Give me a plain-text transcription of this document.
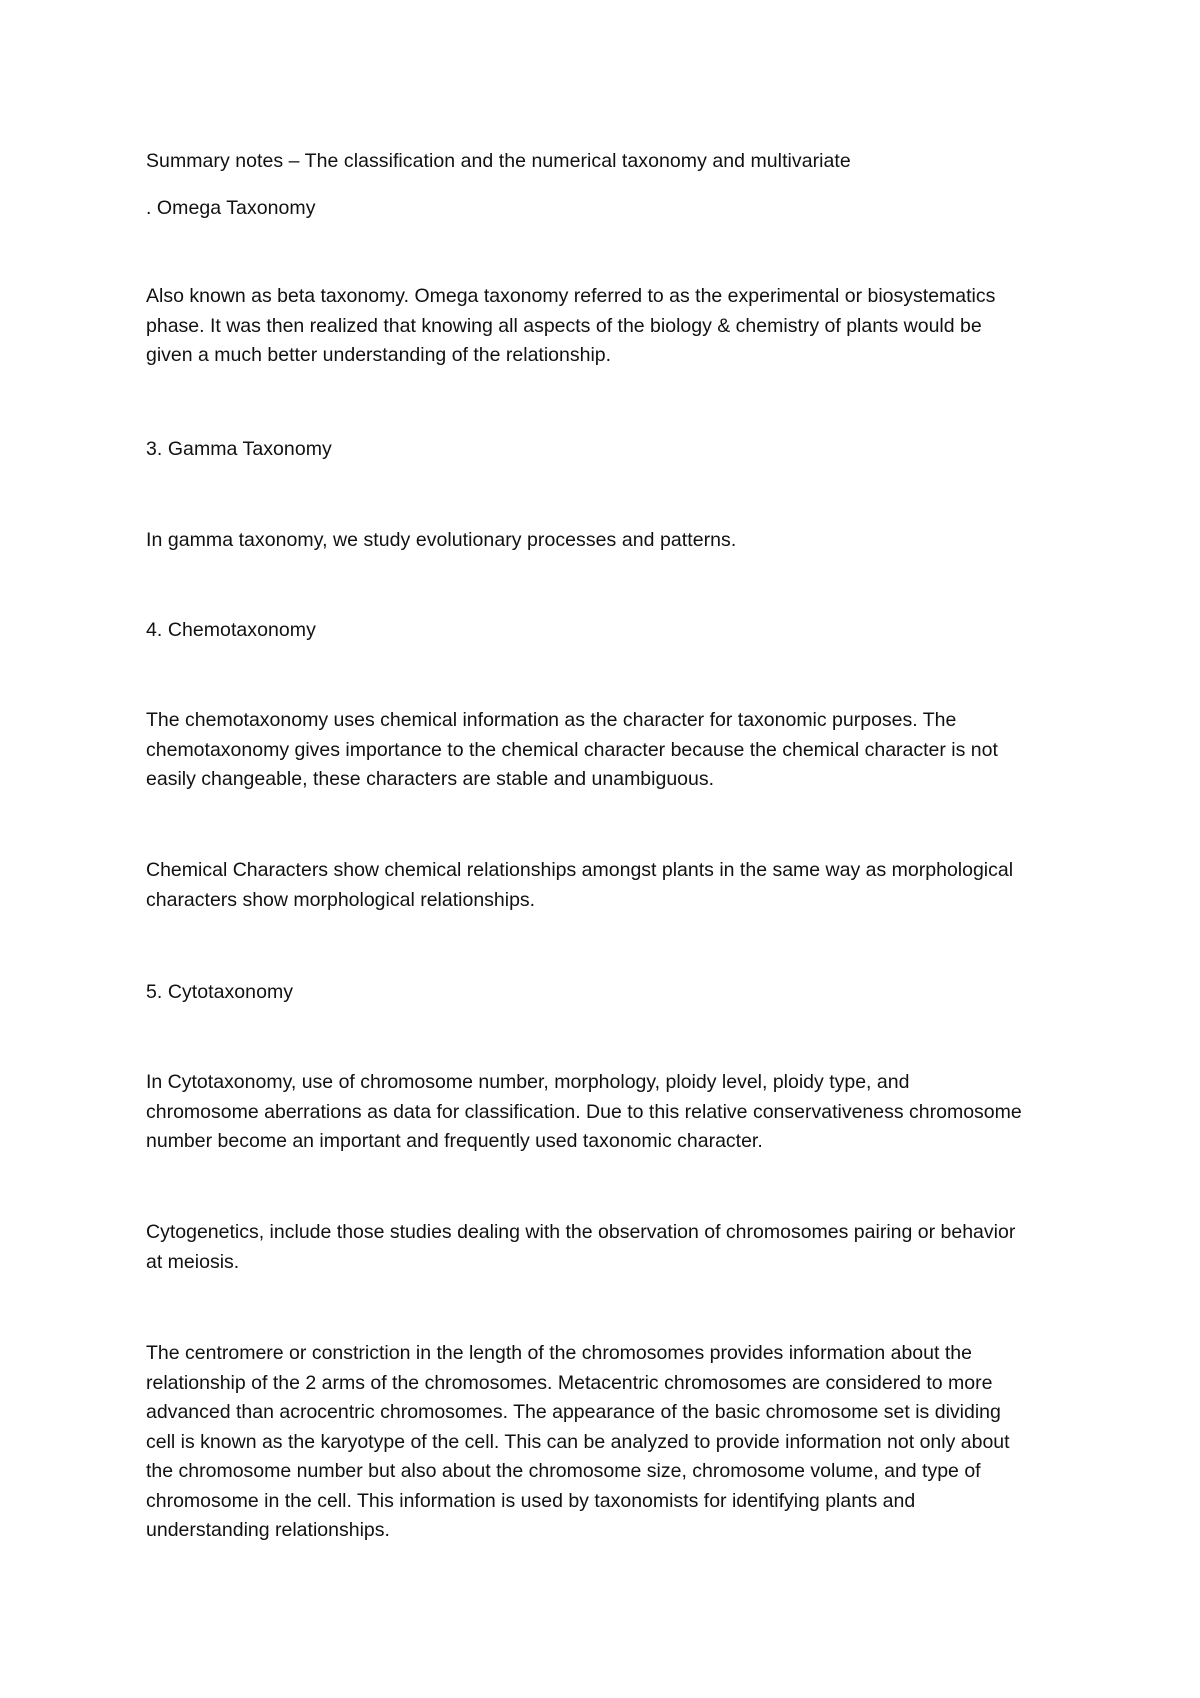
Summary notes – The classification and the numerical taxonomy and multivariate
. Omega Taxonomy
Also known as beta taxonomy. Omega taxonomy referred to as the experimental or biosystematics
phase. It was then realized that knowing all aspects of the biology & chemistry of plants would be
given a much better understanding of the relationship.
3. Gamma Taxonomy
In gamma taxonomy, we study evolutionary processes and patterns.
4. Chemotaxonomy
The chemotaxonomy uses chemical information as the character for taxonomic purposes. The
chemotaxonomy gives importance to the chemical character because the chemical character is not
easily changeable, these characters are stable and unambiguous.
Chemical Characters show chemical relationships amongst plants in the same way as morphological
characters show morphological relationships.
5. Cytotaxonomy
In Cytotaxonomy, use of chromosome number, morphology, ploidy level, ploidy type, and
chromosome aberrations as data for classification. Due to this relative conservativeness chromosome
number become an important and frequently used taxonomic character.
Cytogenetics, include those studies dealing with the observation of chromosomes pairing or behavior
at meiosis.
The centromere or constriction in the length of the chromosomes provides information about the
relationship of the 2 arms of the chromosomes. Metacentric chromosomes are considered to more
advanced than acrocentric chromosomes. The appearance of the basic chromosome set is dividing
cell is known as the karyotype of the cell. This can be analyzed to provide information not only about
the chromosome number but also about the chromosome size, chromosome volume, and type of
chromosome in the cell. This information is used by taxonomists for identifying plants and
understanding relationships.
